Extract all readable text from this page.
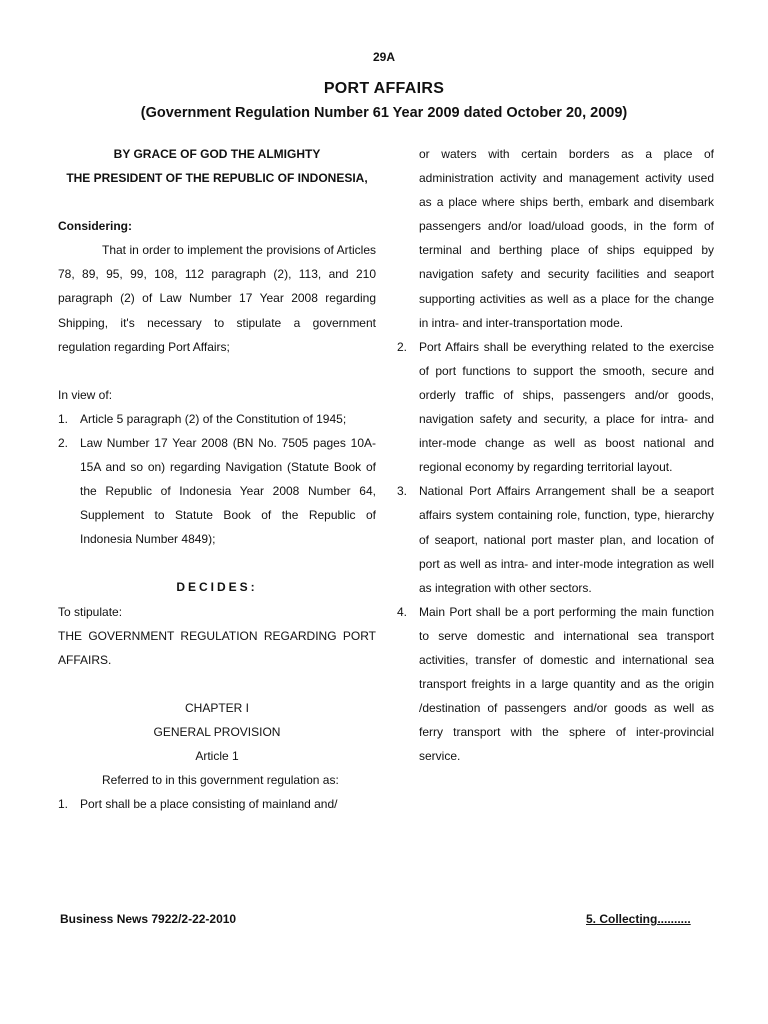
29A
PORT AFFAIRS
(Government Regulation Number 61 Year 2009 dated October 20, 2009)

BY GRACE OF GOD THE ALMIGHTY

THE PRESIDENT OF THE REPUBLIC OF INDONESIA,

Considering:

That in order to implement the provisions of Articles 78, 89, 95, 99, 108, 112 paragraph (2), 113, and 210 paragraph (2) of Law Number 17 Year 2008 regarding Shipping, it's necessary to stipulate a government regulation regarding Port Affairs;

In view of:

1. Article 5 paragraph (2) of the Constitution of 1945;
2. Law Number 17 Year 2008 (BN No. 7505 pages 10A-15A and so on) regarding Navigation (Statute Book of the Republic of Indonesia Year 2008 Number 64, Supplement to Statute Book of the Republic of Indonesia Number 4849);

DECIDES:

To stipulate:

THE GOVERNMENT REGULATION REGARDING PORT AFFAIRS.

CHAPTER I

GENERAL PROVISION

Article 1

Referred to in this government regulation as:

1. Port shall be a place consisting of mainland and/

or waters with certain borders as a place of administration activity and management activity used as a place where ships berth, embark and disembark passengers and/or load/uload goods, in the form of terminal and berthing place of ships equipped by navigation safety and security facilities and seaport supporting activities as well as a place for the change in intra- and inter-transportation mode.

2. Port Affairs shall be everything related to the exercise of port functions to support the smooth, secure and orderly traffic of ships, passengers and/or goods, navigation safety and security, a place for intra- and inter-mode change as well as boost national and regional economy by regarding territorial layout.
3. National Port Affairs Arrangement shall be a seaport affairs system containing role, function, type, hierarchy of seaport, national port master plan, and location of port as well as intra- and inter-mode integration as well as integration with other sectors.
4. Main Port shall be a port performing the main function to serve domestic and international sea transport activities, transfer of domestic and international sea transport freights in a large quantity and as the origin /destination of passengers and/or goods as well as ferry transport with the sphere of inter-provincial service.
Business News 7922/2-22-2010	5. Collecting..........
